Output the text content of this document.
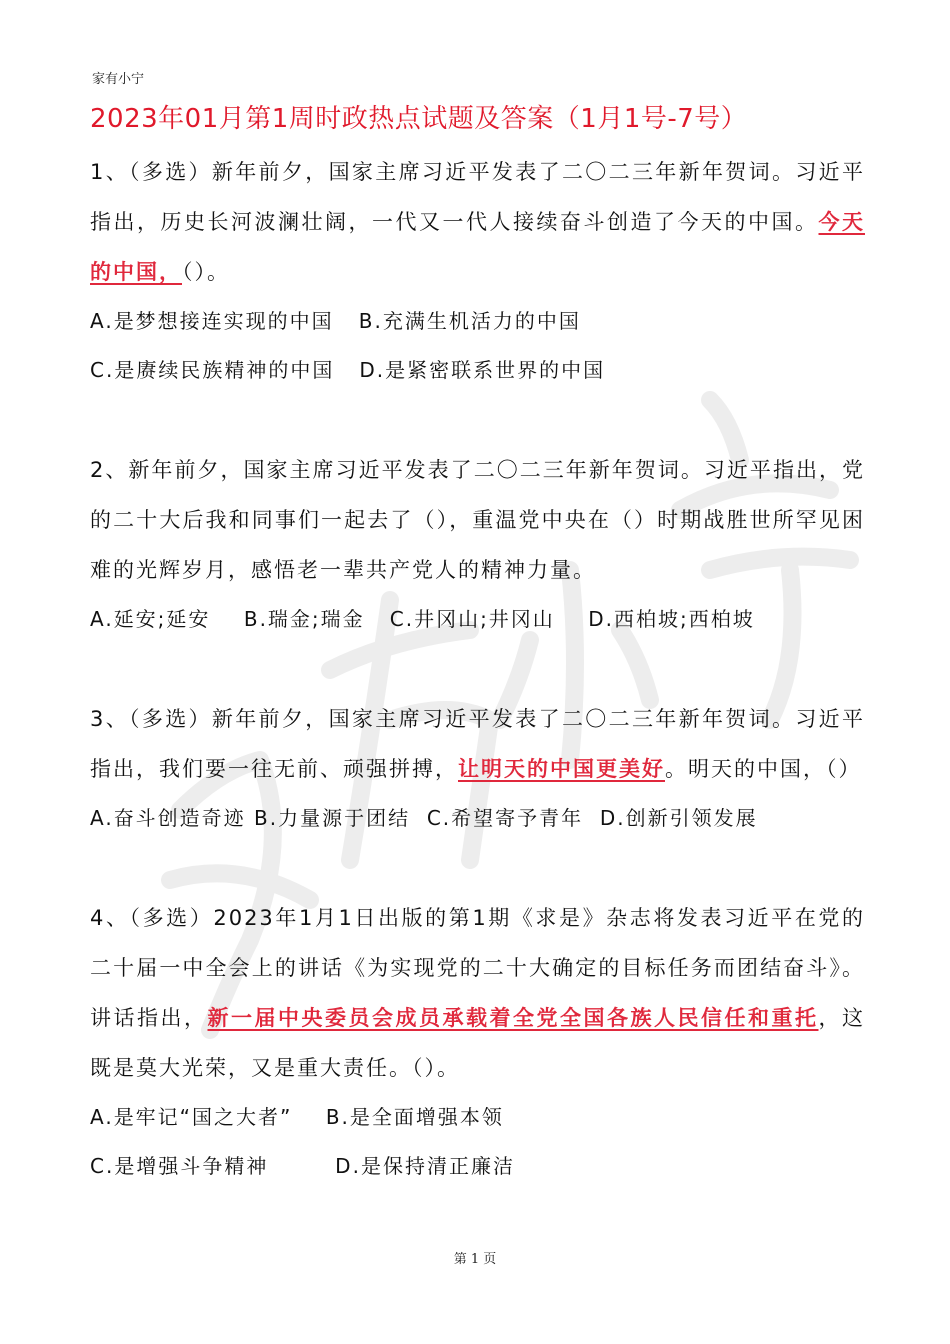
家有小宁
2023年01月第1周时政热点试题及答案（1月1号-7号）

1、（多选）新年前夕，国家主席习近平发表了二〇二三年新年贺词。习近平指出，历史长河波澜壮阔，一代又一代人接续奋斗创造了今天的中国。今天的中国，（）。

A.是梦想接连实现的中国   B.充满生机活力的中国

C.是赓续民族精神的中国   D.是紧密联系世界的中国

2、新年前夕，国家主席习近平发表了二〇二三年新年贺词。习近平指出，党的二十大后我和同事们一起去了（），重温党中央在（）时期战胜世所罕见困难的光辉岁月，感悟老一辈共产党人的精神力量。

A.延安;延安    B.瑞金;瑞金   C.井冈山;井冈山    D.西柏坡;西柏坡

3、（多选）新年前夕，国家主席习近平发表了二〇二三年新年贺词。习近平指出，我们要一往无前、顽强拼搏，让明天的中国更美好。明天的中国，（）

A.奋斗创造奇迹 B.力量源于团结  C.希望寄予青年  D.创新引领发展

4、（多选）2023年1月1日出版的第1期《求是》杂志将发表习近平在党的二十届一中全会上的讲话《为实现党的二十大确定的目标任务而团结奋斗》。讲话指出，新一届中央委员会成员承载着全党全国各族人民信任和重托，这既是莫大光荣，又是重大责任。（）。

A.是牢记“国之大者”    B.是全面增强本领

C.是增强斗争精神        D.是保持清正廉洁

第 1 页
